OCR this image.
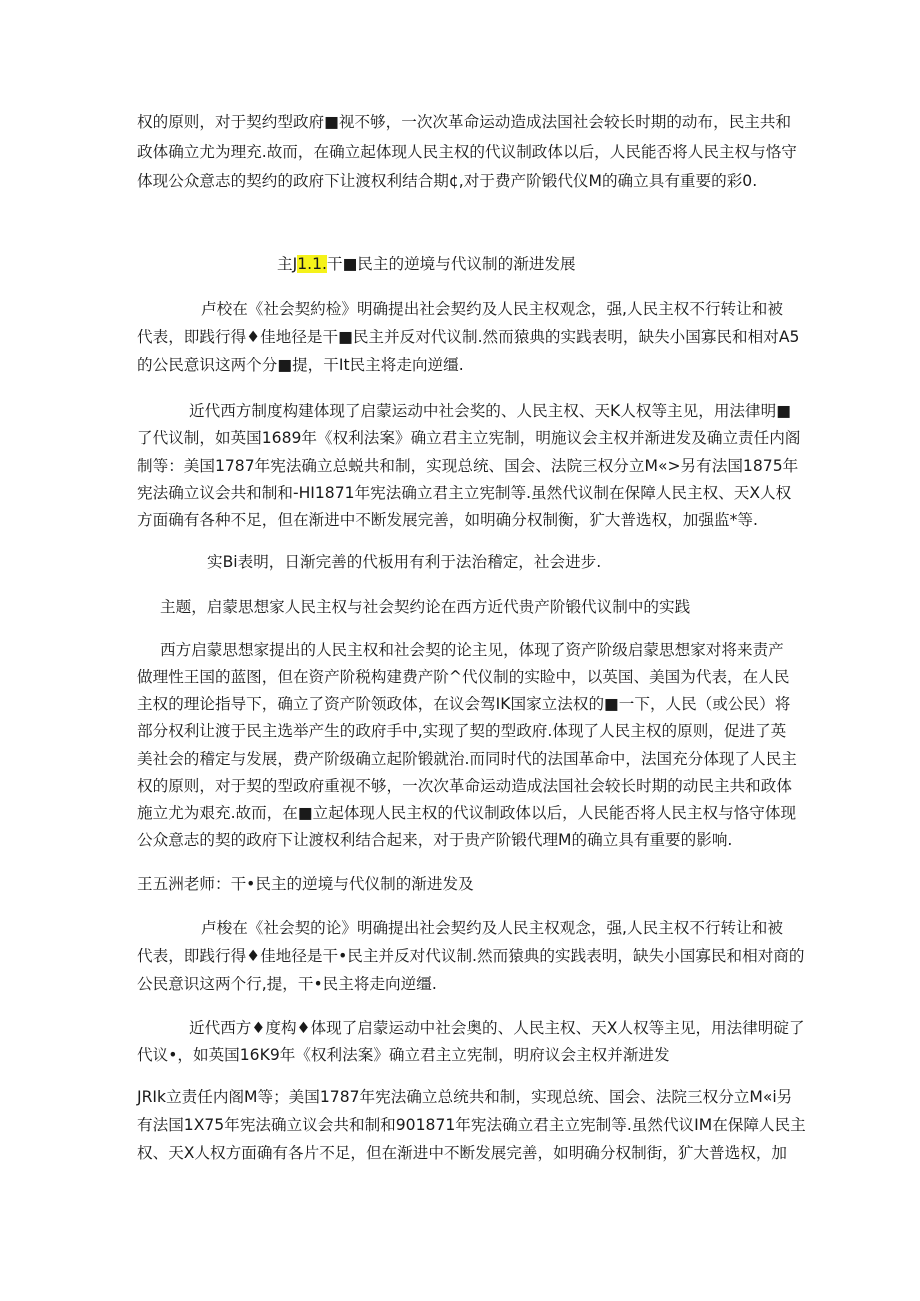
权的原则，对于契约型政府■视不够，一次次革命运动造成法国社会较长时期的动布，民主共和
政体确立尤为理充.故而，在确立起体现人民主权的代议制政体以后，人民能否将人民主权与恪守
体现公众意志的契约的政府下让渡权利结合期¢,对于费产阶锻代仪M的确立具有重要的彩0.
主J1.1.干■民主的逆境与代议制的渐进发展
卢校在《社会契約检》明确提出社会契约及人民主权观念，强,人民主权不行转让和被
代表，即践行得♦佳地径是干■民主并反对代议制.然而猿典的实践表明，缺失小国寡民和相对A5
的公民意识这两个分■提，干It民主将走向逆缰.
近代西方制度构建体现了启蒙运动中社会奖的、人民主权、天K人权等主见，用法律明■
了代议制，如英国1689年《权利法案》确立君主立宪制，明施议会主权并渐进发及确立责任内阁
制等：美国1787年宪法确立总蜕共和制，实现总统、国会、法院三权分立M«>另有法国1875年
宪法确立议会共和制和-HI1871年宪法确立君主立宪制等.虽然代议制在保障人民主权、天X人权
方面确有各种不足，但在渐进中不断发展完善，如明确分权制衡，犷大普选权，加强监*等.
实Bi表明，日渐完善的代板用有利于法治稽定，社会进步.
主题，启蒙思想家人民主权与社会契约论在西方近代贵产阶锻代议制中的实践
西方启蒙思想家提出的人民主权和社会契的论主见，体现了资产阶级启蒙思想家对将来责产
做理性王国的蓝图，但在资产阶税构建费产阶^代仪制的实睑中，以英国、美国为代表，在人民
主权的理论指导下，确立了资产阶领政体，在议会驾IK国家立法权的■一下，人民（或公民）将
部分权利让渡于民主选举产生的政府手中,实现了契的型政府.体现了人民主权的原则，促进了英
美社会的稽定与发展，费产阶级确立起阶锻就治.而同时代的法国革命中，法国充分体现了人民主
权的原则，对于契的型政府重视不够，一次次革命运动造成法国社会较长时期的动民主共和政体
施立尤为艰充.故而，在■立起体现人民主权的代议制政体以后，人民能否将人民主权与恪守体现
公众意志的契的政府下让渡权利结合起来，对于贵产阶锻代理M的确立具有重要的影响.
王五洲老师：干•民主的逆境与代仪制的渐进发及
卢梭在《社会契的论》明确提出社会契约及人民主权观念，强,人民主权不行转让和被
代表，即践行得♦佳地径是干•民主并反对代议制.然而猿典的实践表明，缺失小国寡民和相对商的
公民意识这两个行,提，干•民主将走向逆缰.
近代西方♦度构♦体现了启蒙运动中社会奥的、人民主权、天X人权等主见，用法律明碇了
代议•，如英国16K9年《权利法案》确立君主立宪制，明府议会主权并渐进发
JRIk立责任内阁M等；美国1787年宪法确立总统共和制，实现总统、国会、法院三权分立M«i另
有法国1X75年宪法确立议会共和制和901871年宪法确立君主立宪制等.虽然代议IM在保障人民主
权、天X人权方面确有各片不足，但在渐进中不断发展完善，如明确分权制街，犷大普选权，加
